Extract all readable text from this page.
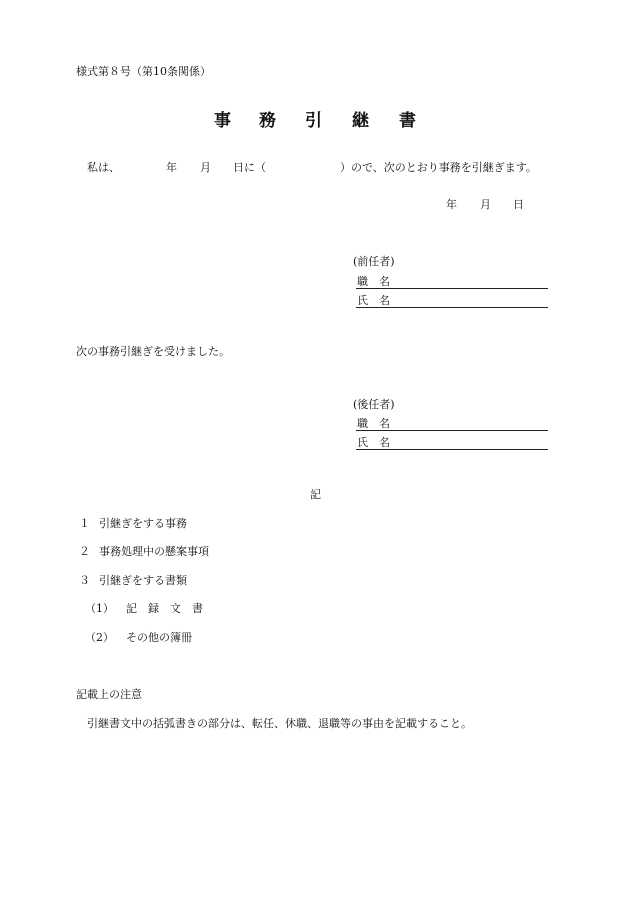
様式第８号（第10条関係）
事 務 引 継 書
私は、	年 月 日に（	）ので、次のとおり事務を引継ぎます。
年 月 日
(前任者)
職　名
氏　名
次の事務引継ぎを受けました。
(後任者)
職　名
氏　名
記
１ 引継ぎをする事務
２ 事務処理中の懸案事項
３ 引継ぎをする書類
（1） 記　録　文　書
（2） その他の簿冊
記載上の注意
引継書文中の括弧書きの部分は、転任、休職、退職等の事由を記載すること。
